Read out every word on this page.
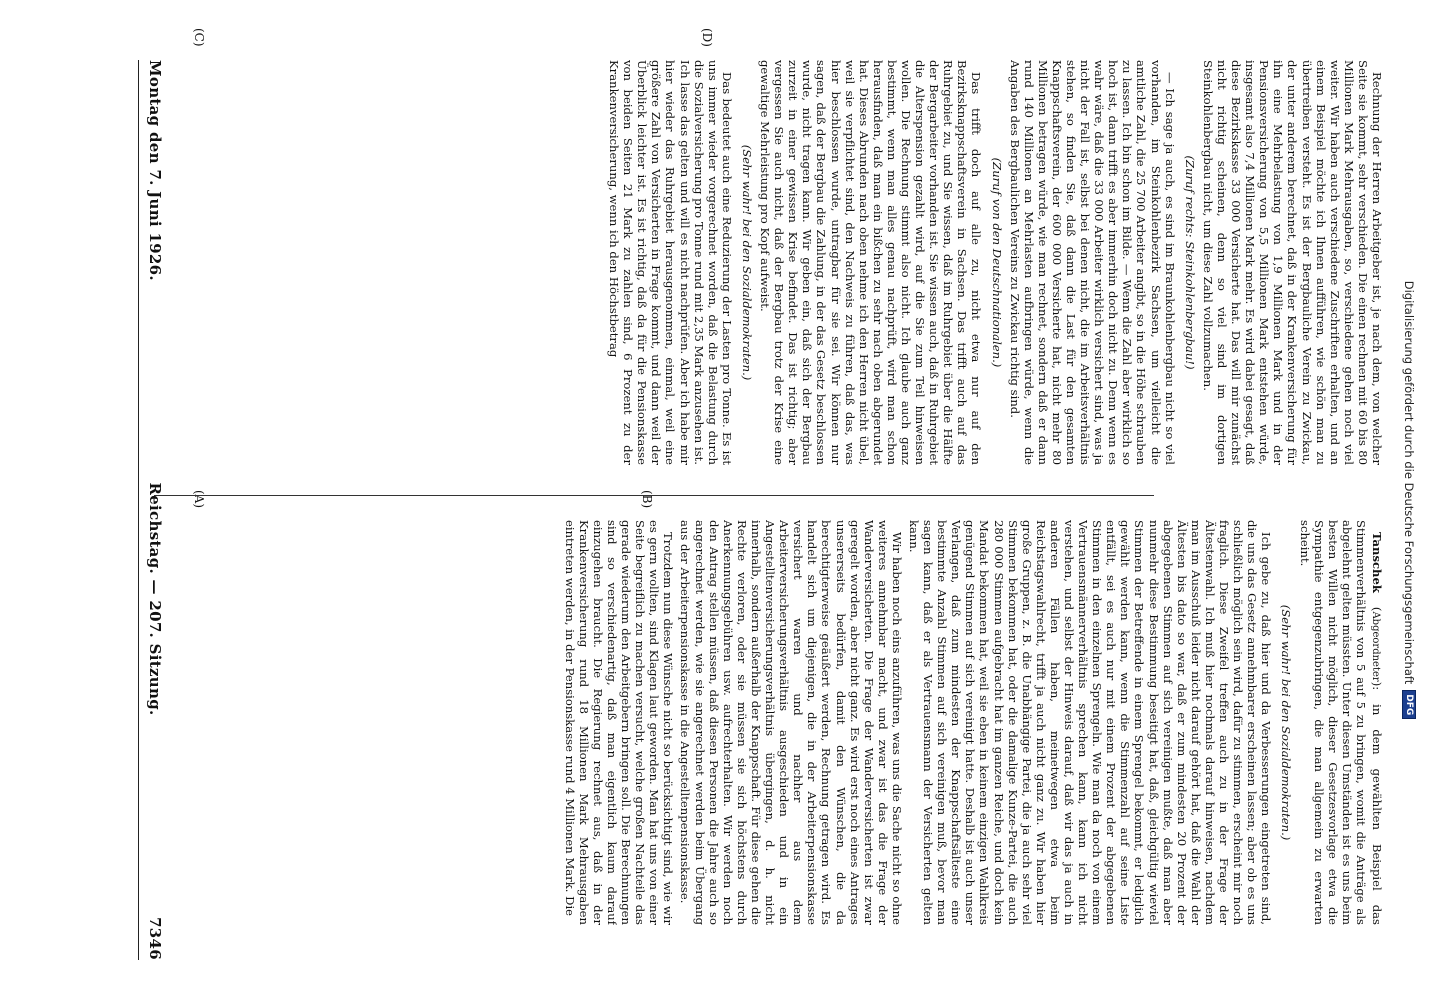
Digitalisierung gefördert durch die Deutsche Forschungsgemeinschaft
DFG
(A)	(B)
(C)	(D)

Tanschek (Abgeordneter): in dem gewählten Beispiel das Stimmenverhältnis von 5 auf 5 zu bringen, womit die Anträge als abgelehnt gelten müssten. Unter diesen Umständen ist es uns beim besten Willen nicht möglich, dieser Gesetzesvorlage etwa die Sympathie entgegenzubringen, die man allgemein zu erwarten scheint.

(Sehr wahr! bei den Sozialdemokraten.)

Ich gebe zu, daß hier und da Verbesserungen eingetreten sind, die uns das Gesetz annehmbarer erscheinen lassen; aber ob es uns schließlich möglich sein wird, dafür zu stimmen, erscheint mir noch fraglich. Diese Zweifel treffen auch zu in der Frage der Ältestenwahl. Ich muß hier nochmals darauf hinweisen, nachdem man im Ausschuß leider nicht darauf gehört hat, daß die Wahl der Ältesten bis dato so war, daß er zum mindesten 20 Prozent der abgegebenen Stimmen auf sich vereinigen mußte, daß man aber nunmehr diese Bestimmung beseitigt hat, daß, gleichgültig wieviel Stimmen der Betreffende in einem Sprengel bekommt, er lediglich gewählt werden kann, wenn die Stimmenzahl auf seine Liste entfällt, sei es auch nur mit einem Prozent der abgegebenen Stimmen in den einzelnen Sprengeln. Wie man da noch von einem Vertrauensmännerverhältnis sprechen kann, kann ich nicht verstehen, und selbst der Hinweis darauf, daß wir das ja auch in anderen Fällen haben, meinetwegen etwa beim Reichstagswahlrecht, trifft ja auch nicht ganz zu. Wir haben hier große Gruppen, z. B. die Unabhängige Partei, die ja auch sehr viel Stimmen bekommen hat, oder die damalige Kunze-Partei, die auch 280 000 Stimmen aufgebracht hat im ganzen Reiche, und doch kein Mandat bekommen hat, weil sie eben in keinem einzigen Wahlkreis genügend Stimmen auf sich vereinigt hatte. Deshalb ist auch unser Verlangen, daß zum mindesten der Knappschaftsälteste eine bestimmte Anzahl Stimmen auf sich vereinigen muß, bevor man sagen kann, daß er als Vertrauensmann der Versicherten gelten kann.

Wir haben noch eins anzuführen, was uns die Sache nicht so ohne weiteres annehmbar macht, und zwar ist das die Frage der Wanderversicherten. Die Frage der Wanderversicherten ist zwar geregelt worden, aber nicht ganz. Es wird erst noch eines Antrages unsererseits bedürfen, damit den Wünschen, die da berechtigterweise geäußert werden, Rechnung getragen wird. Es handelt sich um diejenigen, die in der Arbeiterpensionskasse versichert waren und nachher aus dem Arbeiterversicherungsverhältnis ausgeschieden und in ein Angestelltenversicherungsverhältnis übergingen, d. h. nicht innerhalb, sondern außerhalb der Knappschaft. Für diese gehen die Rechte verloren, oder sie müssen sie sich höchstens durch Anerkennungsgebühren usw. aufrechterhalten. Wir werden noch den Antrag stellen müssen, daß diesen Personen die Jahre auch so angerechnet werden, wie sie angerechnet werden beim Übergang aus der Arbeiterpensionskasse in die Angestelltenpensionskasse.

Trotzdem nun diese Wünsche nicht so berücksichtigt sind, wie wir es gern wollten, sind Klagen laut geworden. Man hat uns von einer Seite begreiflich zu machen versucht, welche großen Nachteile das gerade wiederum den Arbeitgebern bringen soll. Die Berechnungen sind so verschiedenartig, daß man eigentlich kaum darauf einzugehen braucht. Die Regierung rechnet aus, daß in der Krankenversicherung rund 18 Millionen Mark Mehrausgaben eintreten werden, in der Pensionskasse rund 4 Millionen Mark. Die

Rechnung der Herren Arbeitgeber ist, je nach dem, von welcher Seite sie kommt, sehr verschieden. Die einen rechnen mit 60 bis 80 Millionen Mark Mehrausgaben, so, verschiedene gehen noch viel weiter. Wir haben auch verschiedene Zuschriften erhalten, und an einem Beispiel möchte ich Ihnen aufführen, wie schön man zu übertreiben versteht. Es ist der Bergbauliche Verein zu Zwickau, der unter anderem berechnet, daß in der Krankenversicherung für ihn eine Mehrbelastung von 1,9 Millionen Mark und in der Pensionsversicherung von 5,5 Millionen Mark entstehen würde, insgesamt also 7,4 Millionen Mark mehr. Es wird dabei gesagt, daß diese Bezirkskasse 33 000 Versicherte hat. Das will mir zunächst nicht richtig scheinen, denn so viel sind im dortigen Steinkohlenbergbau nicht, um diese Zahl vollzumachen.

(Zuruf rechts: Steinkohlenbergbau!)

— Ich sage ja auch, es sind im Braunkohlenbergbau nicht so viel vorhanden, im Steinkohlenbezirk Sachsen, um vielleicht die amtliche Zahl, die 25 700 Arbeiter angibt, so in die Höhe schrauben zu lassen. Ich bin schon im Bilde. — Wenn die Zahl aber wirklich so hoch ist, dann trifft es aber immerhin doch nicht zu. Denn wenn es wahr wäre, daß die 33 000 Arbeiter wirklich versichert sind, was ja nicht der Fall ist, selbst bei denen nicht, die im Arbeitsverhältnis stehen, so finden Sie, daß dann die Last für den gesamten Knappschaftsverein, der 600 000 Versicherte hat, nicht mehr 80 Millionen betragen würde, wie man rechnet, sondern daß er dann rund 140 Millionen an Mehrlasten aufbringen würde, wenn die Angaben des Bergbaulichen Vereins zu Zwickau richtig sind.

(Zuruf von den Deutschnationalen.)

Das trifft doch auf alle zu, nicht etwa nur auf den Bezirksknappschaftsverein in Sachsen. Das trifft auch auf das Ruhrgebiet zu, und Sie wissen, daß im Ruhrgebiet über die Hälfte der Bergarbeiter vorhanden ist. Sie wissen auch, daß in Ruhrgebiet die Alterspension gezahlt wird, auf die Sie zum Teil hinweisen wollen. Die Rechnung stimmt also nicht. Ich glaube auch ganz bestimmt, wenn man alles genau nachprüft, wird man schon herausfinden, daß man ein bißchen zu sehr nach oben abgerundet hat. Dieses Abrunden nach oben nehme ich den Herren nicht übel, weil sie verpflichtet sind, den Nachweis zu führen, daß das, was hier beschlossen wurde, untragbar für sie sei. Wir können nur sagen, daß der Bergbau die Zahlung, in der das Gesetz beschlossen wurde, nicht tragen kann. Wir geben ein, daß sich der Bergbau zurzeit in einer gewissen Krise befindet. Das ist richtig; aber vergessen Sie auch nicht, daß der Bergbau trotz der Krise eine gewaltige Mehrleistung pro Kopf aufweist.

(Sehr wahr! bei den Sozialdemokraten.)

Das bedeutet auch eine Reduzierung der Lasten pro Tonne. Es ist uns immer wieder vorgerechnet worden, daß die Belastung durch die Sozialversicherung pro Tonne rund mit 2,35 Mark anzusehen ist. Ich lasse das gelten und will es nicht nachprüfen. Aber ich habe mir hier wieder das Ruhrgebiet herausgenommen, einmal, weil eine größere Zahl von Versicherten in Frage kommt, und dann weil der Überblick leichter ist. Es ist richtig, daß da für die Pensionskasse von beiden Seiten 21 Mark zu zahlen sind, 6 Prozent zu der Krankenversicherung, wenn ich den Höchstbetrag

Montag den 7. Juni 1926.
Reichstag. — 207. Sitzung.
7346
